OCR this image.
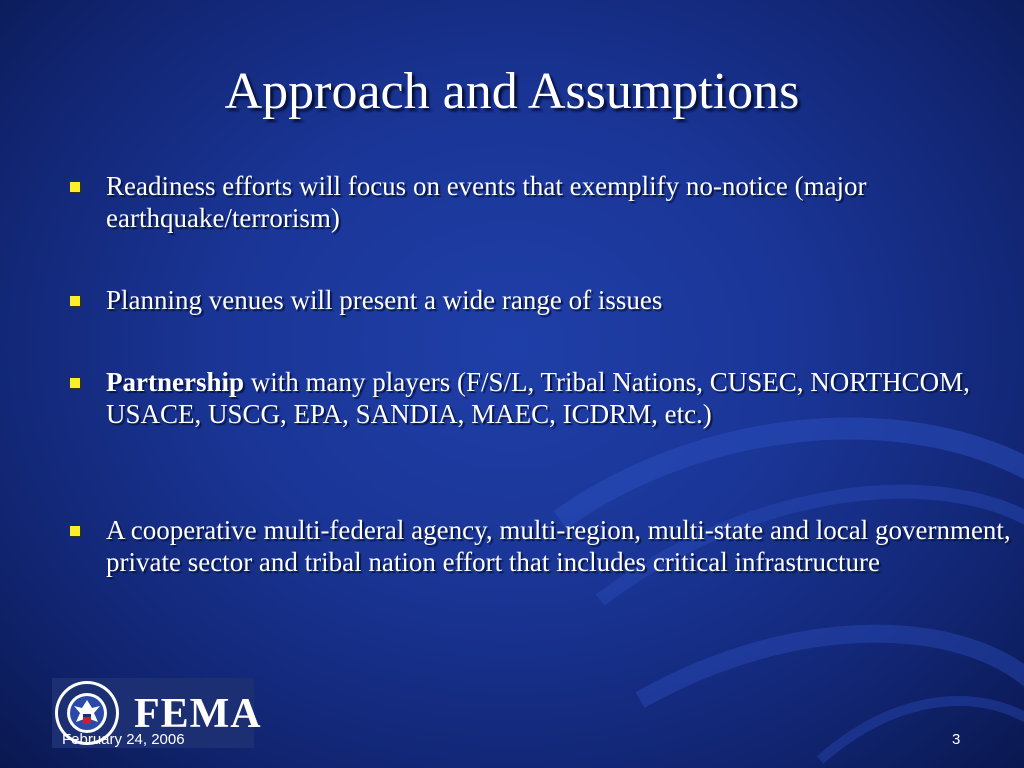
Approach and Assumptions
Readiness efforts will focus on events that exemplify no-notice (major earthquake/terrorism)
Planning venues will present a wide range of issues
Partnership with many players (F/S/L, Tribal Nations, CUSEC, NORTHCOM, USACE, USCG, EPA, SANDIA, MAEC, ICDRM, etc.)
A cooperative multi-federal agency, multi-region, multi-state and local government, private sector and tribal nation effort that includes critical infrastructure
FEMA
February 24, 2006	3
